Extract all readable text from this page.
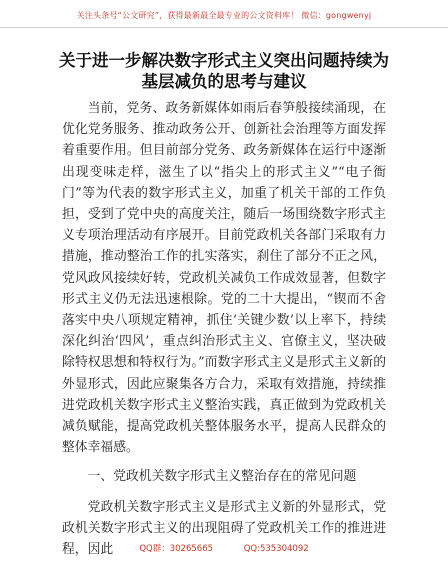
关注头条号“公文研究”，获得最新最全最专业的公文资料库！ 微信：gongwenyj
关于进一步解决数字形式主义突出问题持续为
基层减负的思考与建议

当前，党务、政务新媒体如雨后春笋般接续涌现，在优化党务服务、推动政务公开、创新社会治理等方面发挥着重要作用。但目前部分党务、政务新媒体在运行中逐渐出现变味走样，滋生了以“指尖上的形式主义”“电子衙门”等为代表的数字形式主义，加重了机关干部的工作负担，受到了党中央的高度关注，随后一场围绕数字形式主义专项治理活动有序展开。目前党政机关各部门采取有力措施，推动整治工作的扎实落实，刹住了部分不正之风，党风政风接续好转，党政机关减负工作成效显著，但数字形式主义仍无法迅速根除。党的二十大提出，“锲而不舍落实中央八项规定精神，抓住‘关键少数’以上率下，持续深化纠治‘四风’，重点纠治形式主义、官僚主义，坚决破除特权思想和特权行为。”而数字形式主义是形式主义新的外显形式，因此应聚集各方合力，采取有效措施，持续推进党政机关数字形式主义整治实践，真正做到为党政机关减负赋能，提高党政机关整体服务水平，提高人民群众的整体幸福感。

一、党政机关数字形式主义整治存在的常见问题

党政机关数字形式主义是形式主义新的外显形式，党政机关数字形式主义的出现阻碍了党政机关工作的推进进程，因此	QQ群：30265665	QQ:535304092
